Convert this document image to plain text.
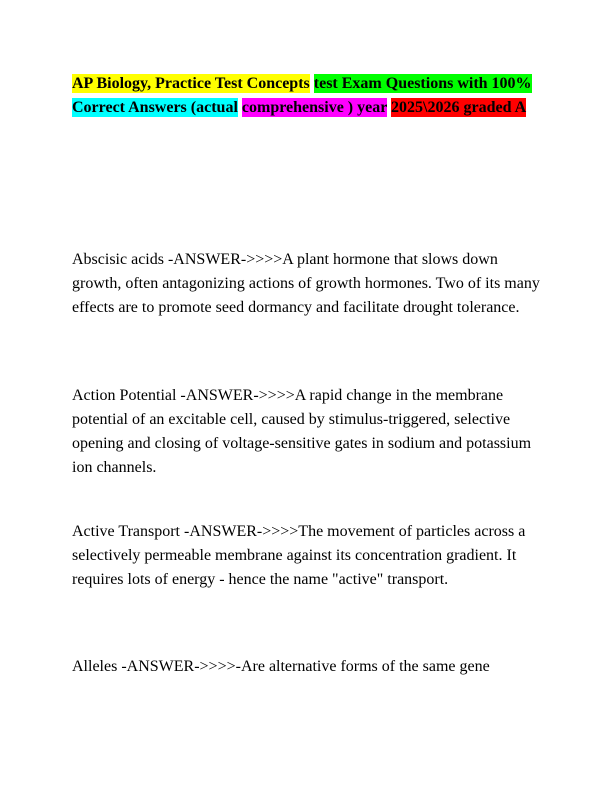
AP Biology, Practice Test Concepts test Exam Questions with 100% Correct Answers (actual comprehensive ) year 2025\2026 graded A

Abscisic acids -ANSWER->>>>A plant hormone that slows down growth, often antagonizing actions of growth hormones. Two of its many effects are to promote seed dormancy and facilitate drought tolerance.

Action Potential -ANSWER->>>>A rapid change in the membrane potential of an excitable cell, caused by stimulus-triggered, selective opening and closing of voltage-sensitive gates in sodium and potassium ion channels.

Active Transport -ANSWER->>>>The movement of particles across a selectively permeable membrane against its concentration gradient. It requires lots of energy - hence the name "active" transport.

Alleles -ANSWER->>>>-Are alternative forms of the same gene
